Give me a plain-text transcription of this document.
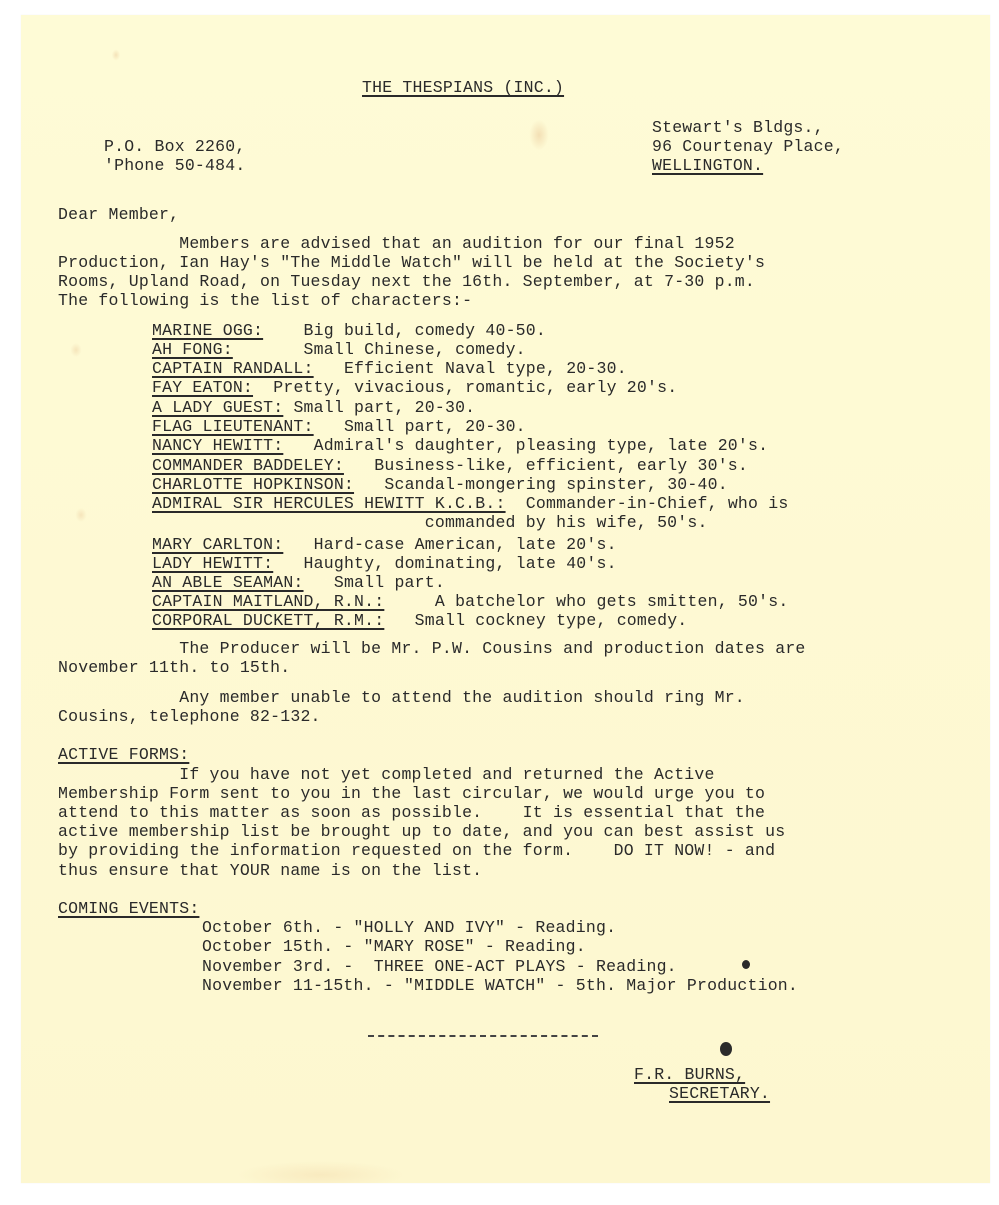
THE THESPIANS (INC.)
P.O. Box 2260,
'Phone 50-484.
Stewart's Bldgs.,
96 Courtenay Place,
WELLINGTON.
Dear Member,
Members are advised that an audition for our final 1952
Production, Ian Hay's "The Middle Watch" will be held at the Society's
Rooms, Upland Road, on Tuesday next the 16th. September, at 7-30 p.m.
The following is the list of characters:-
MARINE OGG: Big build, comedy 40-50.
AH FONG:	Small Chinese, comedy.
CAPTAIN RANDALL: Efficient Naval type, 20-30.
FAY EATON: Pretty, vivacious, romantic, early 20's.
A LADY GUEST: Small part, 20-30.
FLAG LIEUTENANT: Small part, 20-30.
NANCY HEWITT: Admiral's daughter, pleasing type, late 20's.
COMMANDER BADDELEY: Business-like, efficient, early 30's.
CHARLOTTE HOPKINSON: Scandal-mongering spinster, 30-40.
ADMIRAL SIR HERCULES HEWITT K.C.B.: Commander-in-Chief, who is
commanded by his wife, 50's.
MARY CARLTON: Hard-case American, late 20's.
LADY HEWITT: Haughty, dominating, late 40's.
AN ABLE SEAMAN: Small part.
CAPTAIN MAITLAND, R.N.:	A batchelor who gets smitten, 50's.
CORPORAL DUCKETT, R.M.: Small cockney type, comedy.
The Producer will be Mr. P.W. Cousins and production dates are
November 11th. to 15th.
Any member unable to attend the audition should ring Mr.
Cousins, telephone 82-132.
ACTIVE FORMS:
If you have not yet completed and returned the Active
Membership Form sent to you in the last circular, we would urge you to
attend to this matter as soon as possible.    It is essential that the
active membership list be brought up to date, and you can best assist us
by providing the information requested on the form.    DO IT NOW! - and
thus ensure that YOUR name is on the list.
COMING EVENTS:
October 6th. - "HOLLY AND IVY" - Reading.
October 15th. - "MARY ROSE" - Reading.
November 3rd. -  THREE ONE-ACT PLAYS - Reading.
November 11-15th. - "MIDDLE WATCH" - 5th. Major Production.
F.R. BURNS,
SECRETARY.
